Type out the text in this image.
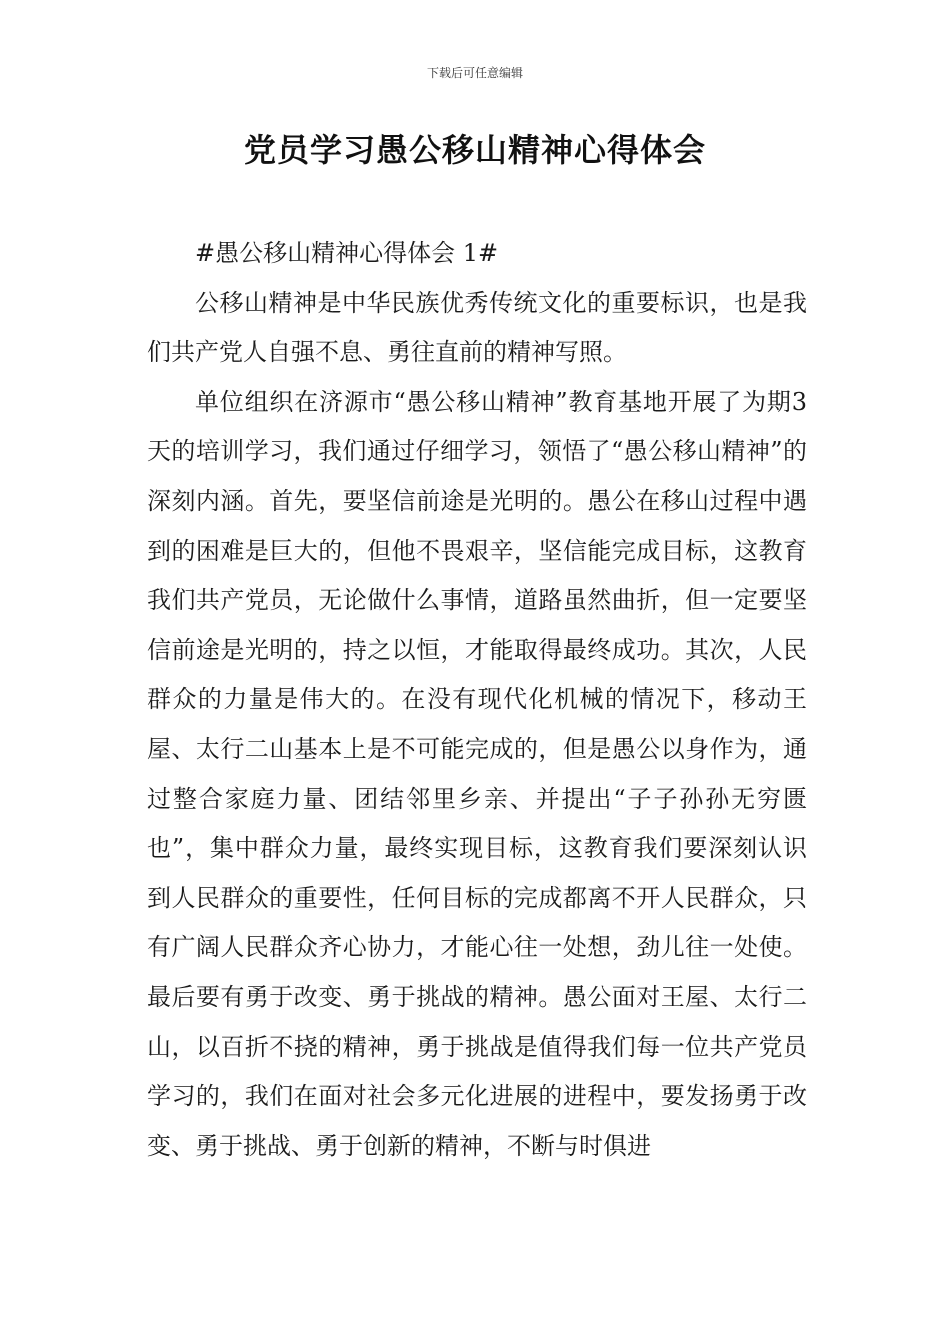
下载后可任意编辑
党员学习愚公移山精神心得体会

#愚公移山精神心得体会 1#

公移山精神是中华民族优秀传统文化的重要标识，也是我们共产党人自强不息、勇往直前的精神写照。

单位组织在济源市“愚公移山精神”教育基地开展了为期3天的培训学习，我们通过仔细学习，领悟了“愚公移山精神”的深刻内涵。首先，要坚信前途是光明的。愚公在移山过程中遇到的困难是巨大的，但他不畏艰辛，坚信能完成目标，这教育我们共产党员，无论做什么事情，道路虽然曲折，但一定要坚信前途是光明的，持之以恒，才能取得最终成功。其次，人民群众的力量是伟大的。在没有现代化机械的情况下，移动王屋、太行二山基本上是不可能完成的，但是愚公以身作为，通过整合家庭力量、团结邻里乡亲、并提出“子子孙孙无穷匮也”，集中群众力量，最终实现目标，这教育我们要深刻认识到人民群众的重要性，任何目标的完成都离不开人民群众，只有广阔人民群众齐心协力，才能心往一处想，劲儿往一处使。最后要有勇于改变、勇于挑战的精神。愚公面对王屋、太行二山，以百折不挠的精神，勇于挑战是值得我们每一位共产党员学习的，我们在面对社会多元化进展的进程中，要发扬勇于改变、勇于挑战、勇于创新的精神，不断与时俱进
